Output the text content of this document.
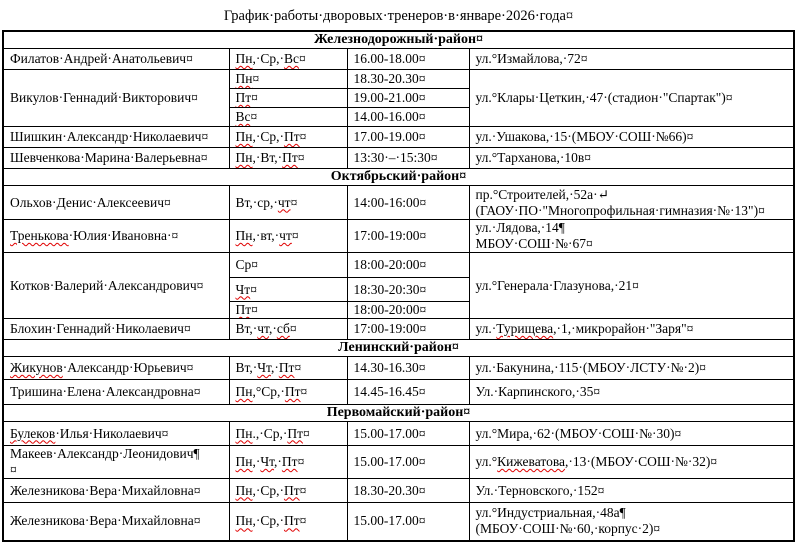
График·работы·дворовых·тренеров·в·январе·2026·года¤
Железнодорожный·район¤			
Филатов·Андрей·Анатольевич¤	Пн,·Ср,·Вс¤	16.00-18.00¤	ул.°Измайлова,·72¤
Викулов·Геннадий·Викторович¤	Пн¤	18.30-20.30¤	ул.°Клары·Цеткин,·47·(стадион·"Спартак")¤
	Пт¤	19.00-21.00¤	
	Вс¤	14.00-16.00¤	
Шишкин·Александр·Николаевич¤	Пн,·Ср,·Пт¤	17.00-19.00¤	ул.·Ушакова,·15·(МБОУ·СОШ·№66)¤
Шевченкова·Марина·Валерьевна¤	Пн,·Вт,·Пт¤	13:30·–·15:30¤	ул.°Тарханова,·10в¤
Октябрьский·район¤			
Ольхов·Денис·Алексеевич¤	Вт,·ср,·чт¤	14:00-16:00¤	пр.°Строителей,·52а·↵
(ГАОУ·ПО·"Многопрофильная·гимназия·№·13")¤
Тренькова·Юлия·Ивановна·¤	Пн,·вт,·чт¤	17:00-19:00¤	ул.·Лядова,·14¶
МБОУ·СОШ·№·67¤
Котков·Валерий·Александрович¤	Ср¤	18:00-20:00¤	ул.°Генерала·Глазунова,·21¤
	Чт¤	18:30-20:30¤	
	Пт¤	18:00-20:00¤	
Блохин·Геннадий·Николаевич¤	Вт,·чт,·сб¤	17:00-19:00¤	ул.·Турищева,·1,·микрорайон·"Заря"¤
Ленинский·район¤			
Жикунов·Александр·Юрьевич¤	Вт,·Чт,·Пт¤	14.30-16.30¤	ул.·Бакунина,·115·(МБОУ·ЛСТУ·№·2)¤
Тришина·Елена·Александровна¤	Пн,°Ср,·Пт¤	14.45-16.45¤	Ул.·Карпинского,·35¤
Первомайский·район¤			
Булеков·Илья·Николаевич¤	Пн.,·Ср,·Пт¤	15.00-17.00¤	ул.°Мира,·62·(МБОУ·СОШ·№·30)¤
Макеев·Александр·Леонидович¶
¤	Пн,·Чт,·Пт¤	15.00-17.00¤	ул.°Кижеватова,·13·(МБОУ·СОШ·№·32)¤
Железникова·Вера·Михайловна¤	Пн,·Ср,·Пт¤	18.30-20.30¤	Ул.·Терновского,·152¤
Железникова·Вера·Михайловна¤	Пн,·Ср,·Пт¤	15.00-17.00¤	ул.°Индустриальная,·48а¶
(МБОУ·СОШ·№·60,·корпус·2)¤
